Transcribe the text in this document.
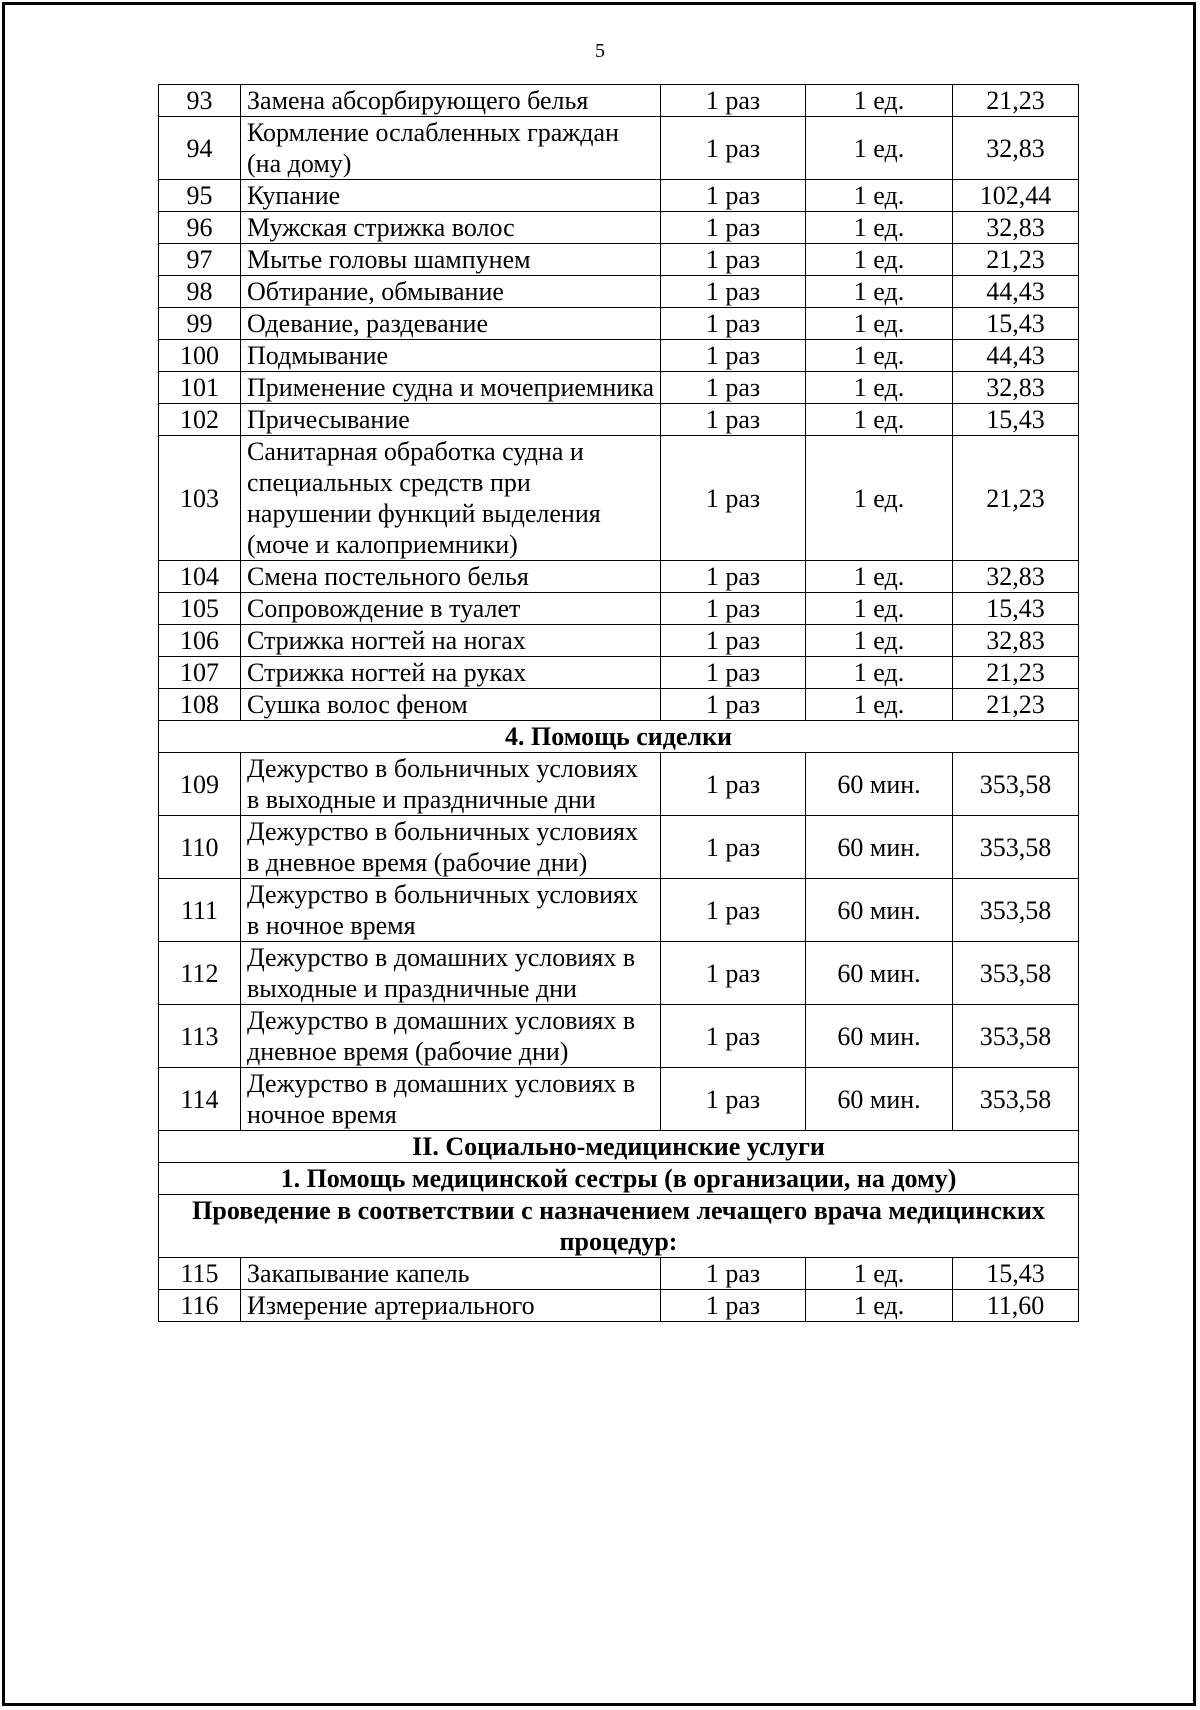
5
93	Замена абсорбирующего белья	1 раз	1 ед.	21,23
94	Кормление ослабленных граждан (на дому)	1 раз	1 ед.	32,83
95	Купание	1 раз	1 ед.	102,44
96	Мужская стрижка волос	1 раз	1 ед.	32,83
97	Мытье головы шампунем	1 раз	1 ед.	21,23
98	Обтирание, обмывание	1 раз	1 ед.	44,43
99	Одевание, раздевание	1 раз	1 ед.	15,43
100	Подмывание	1 раз	1 ед.	44,43
101	Применение судна и мочеприемника	1 раз	1 ед.	32,83
102	Причесывание	1 раз	1 ед.	15,43
103	Санитарная обработка судна и специальных средств при нарушении функций выделения (моче и калоприемники)	1 раз	1 ед.	21,23
104	Смена постельного белья	1 раз	1 ед.	32,83
105	Сопровождение в туалет	1 раз	1 ед.	15,43
106	Стрижка ногтей на ногах	1 раз	1 ед.	32,83
107	Стрижка ногтей на руках	1 раз	1 ед.	21,23
108	Сушка волос феном	1 раз	1 ед.	21,23
4. Помощь сиделки				
109	Дежурство в больничных условиях в выходные и праздничные дни	1 раз	60 мин.	353,58
110	Дежурство в больничных условиях в дневное время (рабочие дни)	1 раз	60 мин.	353,58
111	Дежурство в больничных условиях в ночное время	1 раз	60 мин.	353,58
112	Дежурство в домашних условиях в выходные и праздничные дни	1 раз	60 мин.	353,58
113	Дежурство в домашних условиях в дневное время (рабочие дни)	1 раз	60 мин.	353,58
114	Дежурство в домашних условиях в ночное время	1 раз	60 мин.	353,58
II. Социально-медицинские услуги				
1. Помощь медицинской сестры (в организации, на дому)				
Проведение в соответствии с назначением лечащего врача медицинских процедур:				
115	Закапывание капель	1 раз	1 ед.	15,43
116	Измерение артериального	1 раз	1 ед.	11,60
